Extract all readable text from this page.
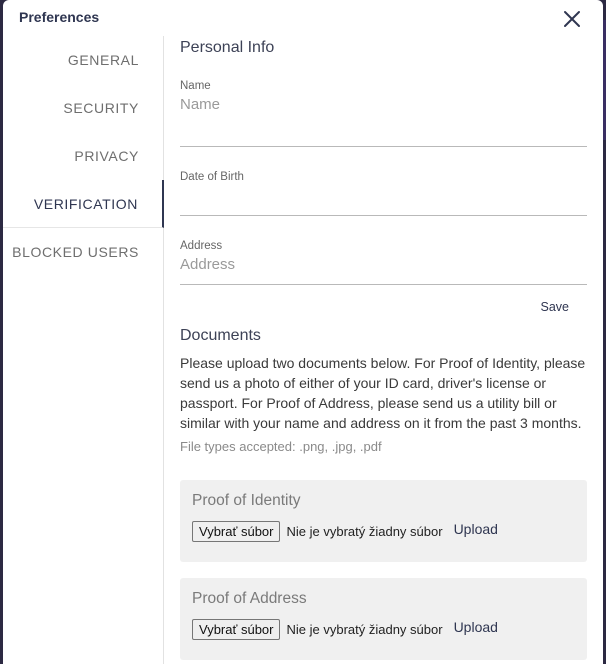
Preferences
GENERAL
SECURITY
PRIVACY
VERIFICATION
BLOCKED USERS
Personal Info
Name
Name
Date of Birth
Address
Address
Save
Documents

Please upload two documents below. For Proof of Identity, please send us a photo of either of your ID card, driver's license or passport. For Proof of Address, please send us a utility bill or similar with your name and address on it from the past 3 months.

File types accepted: .png, .jpg, .pdf
Proof of Identity
Vybrať súbor	Nie je vybratý žiadny súbor Upload
Proof of Address
Vybrať súbor	Nie je vybratý žiadny súbor Upload
